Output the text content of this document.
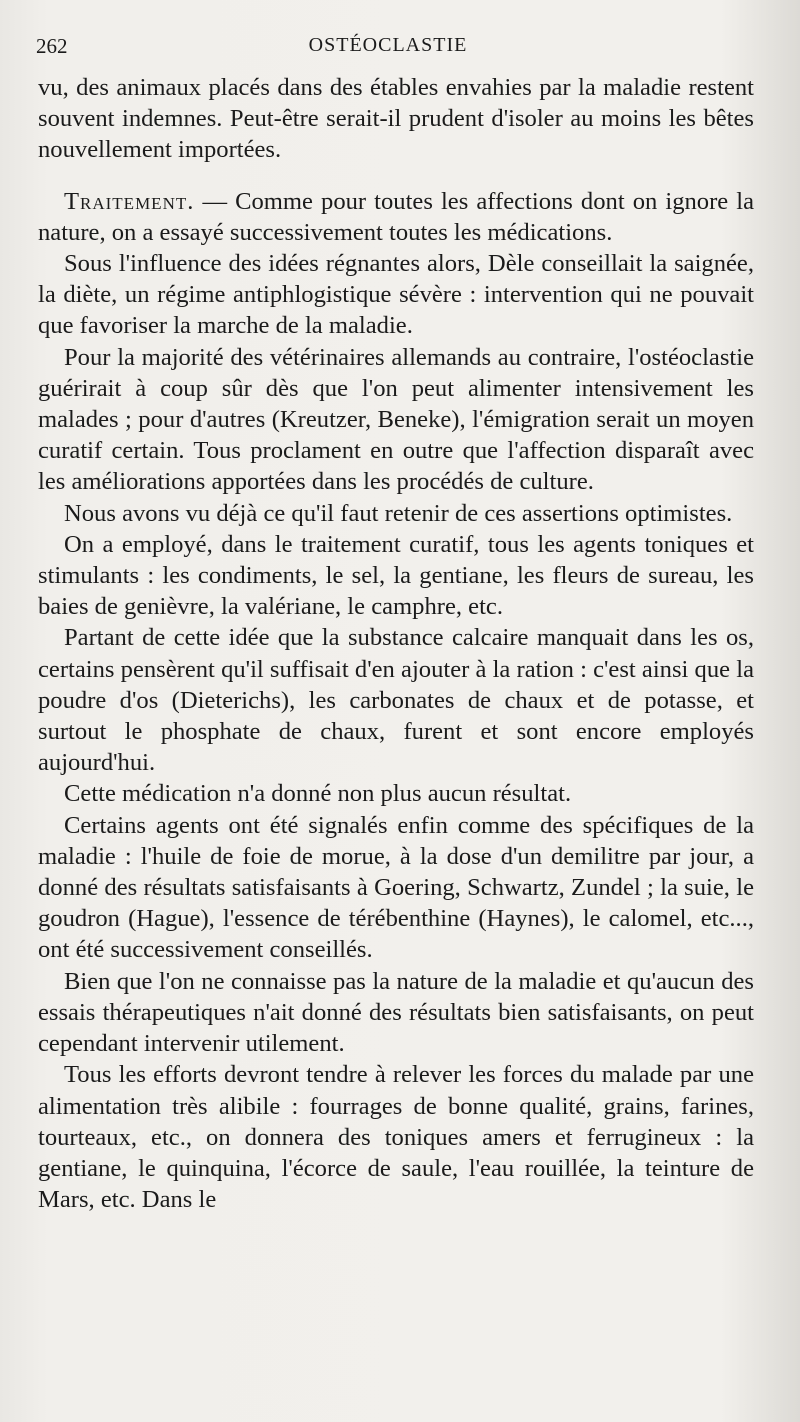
262	OSTÉOCLASTIE

vu, des animaux placés dans des étables envahies par la maladie restent souvent indemnes. Peut-être serait-il prudent d'isoler au moins les bêtes nouvellement importées.

Traitement. — Comme pour toutes les affections dont on ignore la nature, on a essayé successivement toutes les médications.

Sous l'influence des idées régnantes alors, Dèle conseillait la saignée, la diète, un régime antiphlogistique sévère : intervention qui ne pouvait que favoriser la marche de la maladie.

Pour la majorité des vétérinaires allemands au contraire, l'ostéoclastie guérirait à coup sûr dès que l'on peut alimenter intensivement les malades ; pour d'autres (Kreutzer, Beneke), l'émigration serait un moyen curatif certain. Tous proclament en outre que l'affection disparaît avec les améliorations apportées dans les procédés de culture.

Nous avons vu déjà ce qu'il faut retenir de ces assertions optimistes.

On a employé, dans le traitement curatif, tous les agents toniques et stimulants : les condiments, le sel, la gentiane, les fleurs de sureau, les baies de genièvre, la valériane, le camphre, etc.

Partant de cette idée que la substance calcaire manquait dans les os, certains pensèrent qu'il suffisait d'en ajouter à la ration : c'est ainsi que la poudre d'os (Dieterichs), les carbonates de chaux et de potasse, et surtout le phosphate de chaux, furent et sont encore employés aujourd'hui.

Cette médication n'a donné non plus aucun résultat.

Certains agents ont été signalés enfin comme des spécifiques de la maladie : l'huile de foie de morue, à la dose d'un demilitre par jour, a donné des résultats satisfaisants à Goering, Schwartz, Zundel ; la suie, le goudron (Hague), l'essence de térébenthine (Haynes), le calomel, etc..., ont été successivement conseillés.

Bien que l'on ne connaisse pas la nature de la maladie et qu'aucun des essais thérapeutiques n'ait donné des résultats bien satisfaisants, on peut cependant intervenir utilement.

Tous les efforts devront tendre à relever les forces du malade par une alimentation très alibile : fourrages de bonne qualité, grains, farines, tourteaux, etc., on donnera des toniques amers et ferrugineux : la gentiane, le quinquina, l'écorce de saule, l'eau rouillée, la teinture de Mars, etc. Dans le
